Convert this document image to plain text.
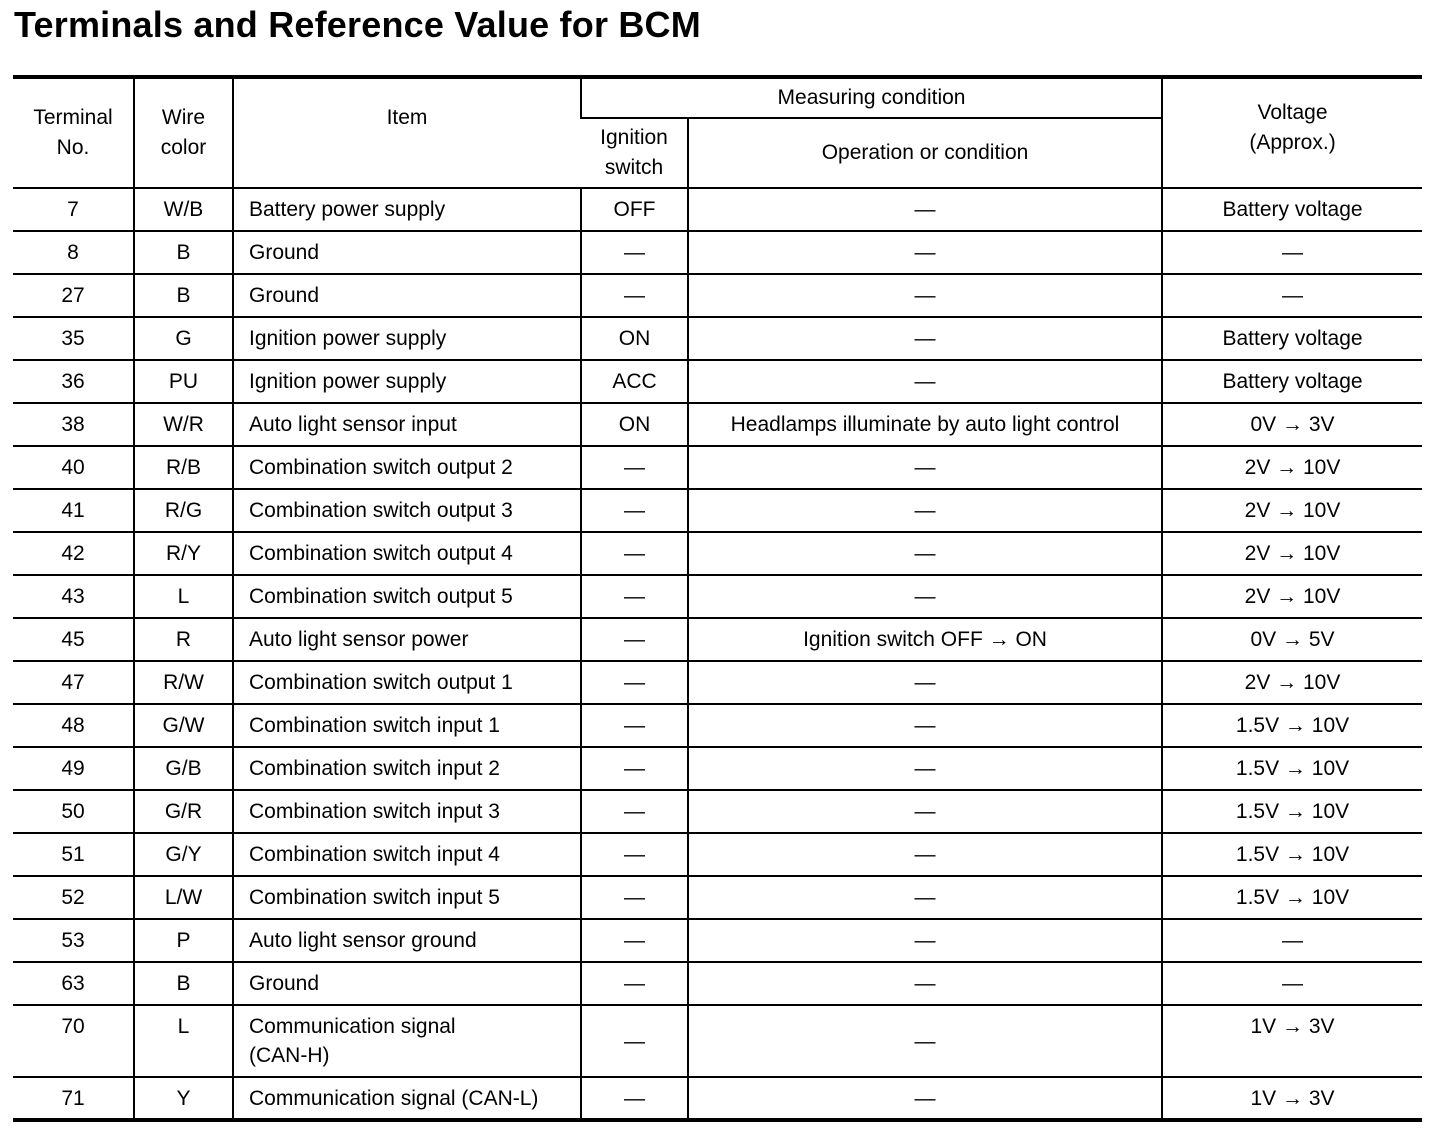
Terminals and Reference Value for BCM
Terminal No.	Wire color	Item	Measuring condition		Voltage (Approx.)
			Ignition switch	Operation or condition	
7	W/B	Battery power supply	OFF	—	Battery voltage
8	B	Ground	—	—	—
27	B	Ground	—	—	—
35	G	Ignition power supply	ON	—	Battery voltage
36	PU	Ignition power supply	ACC	—	Battery voltage
38	W/R	Auto light sensor input	ON	Headlamps illuminate by auto light control	0V → 3V
40	R/B	Combination switch output 2	—	—	2V → 10V
41	R/G	Combination switch output 3	—	—	2V → 10V
42	R/Y	Combination switch output 4	—	—	2V → 10V
43	L	Combination switch output 5	—	—	2V → 10V
45	R	Auto light sensor power	—	Ignition switch OFF → ON	0V → 5V
47	R/W	Combination switch output 1	—	—	2V → 10V
48	G/W	Combination switch input 1	—	—	1.5V → 10V
49	G/B	Combination switch input 2	—	—	1.5V → 10V
50	G/R	Combination switch input 3	—	—	1.5V → 10V
51	G/Y	Combination switch input 4	—	—	1.5V → 10V
52	L/W	Combination switch input 5	—	—	1.5V → 10V
53	P	Auto light sensor ground	—	—	—
63	B	Ground	—	—	—
70	L	Communication signal (CAN-H)	—	—	1V → 3V
71	Y	Communication signal (CAN-L)	—	—	1V → 3V
